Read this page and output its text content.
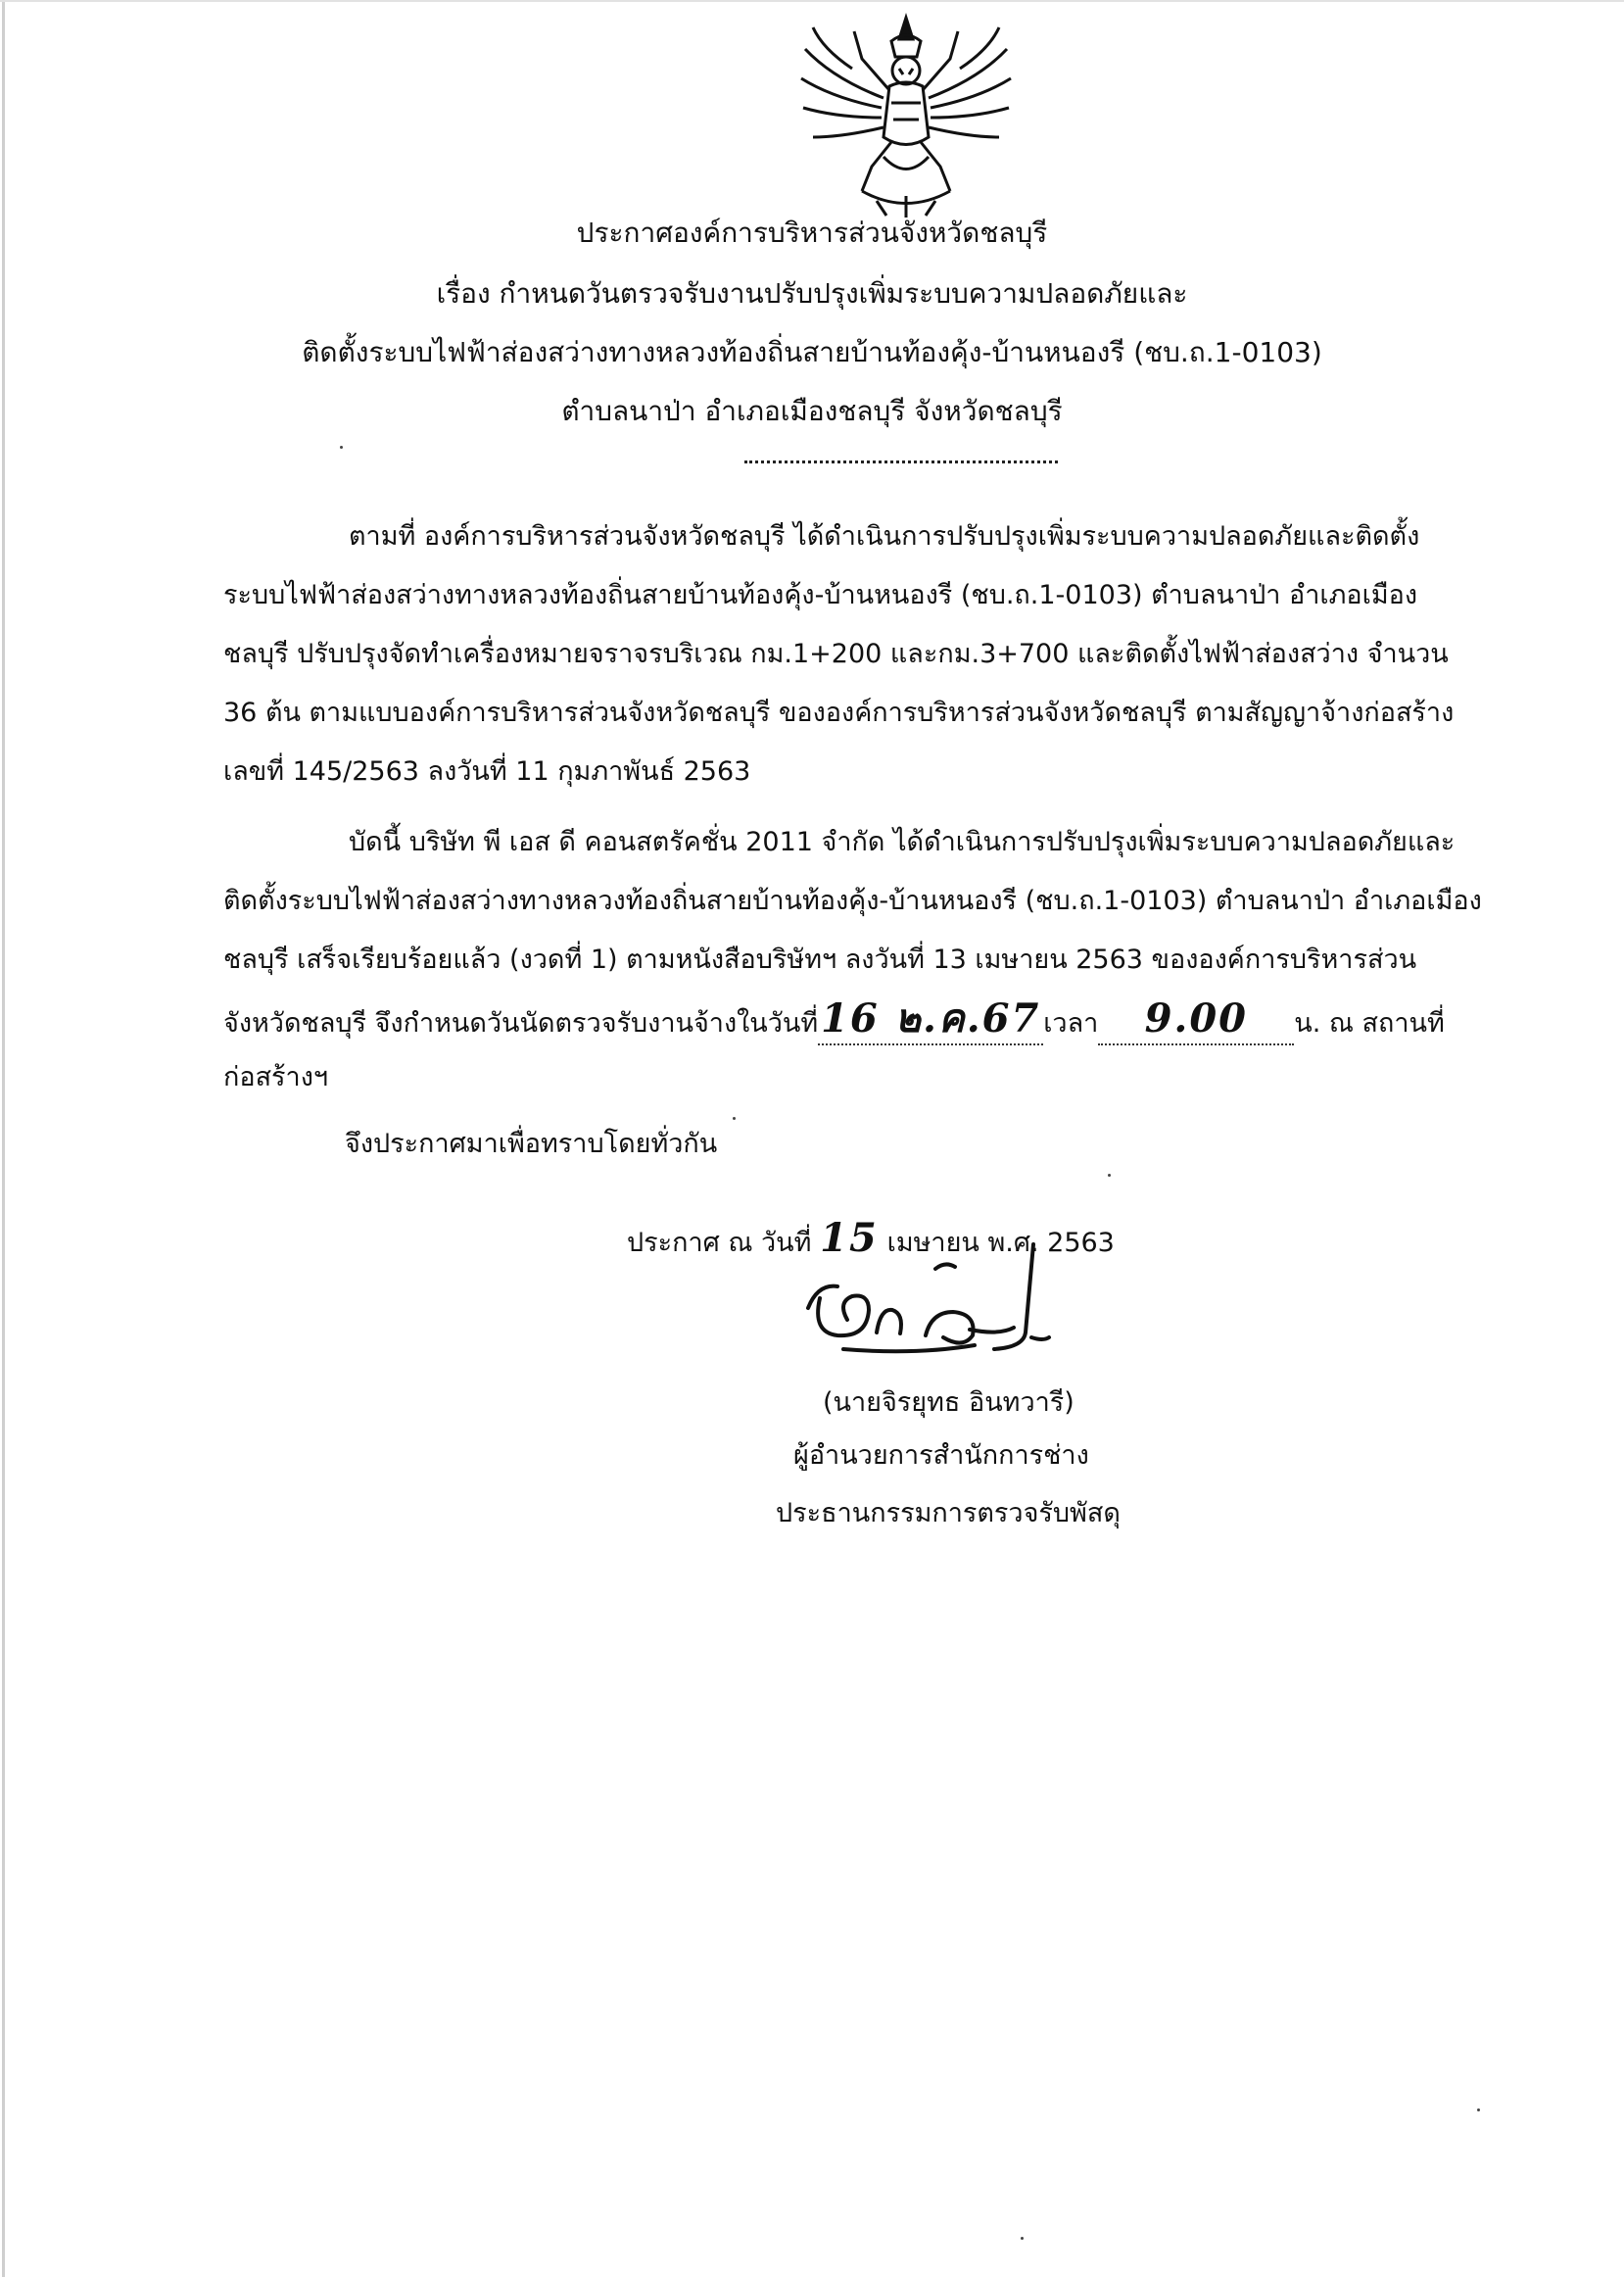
ประกาศองค์การบริหารส่วนจังหวัดชลบุรี
เรื่อง กำหนดวันตรวจรับงานปรับปรุงเพิ่มระบบความปลอดภัยและ
ติดตั้งระบบไฟฟ้าส่องสว่างทางหลวงท้องถิ่นสายบ้านท้องคุ้ง-บ้านหนองรี (ชบ.ถ.1-0103)
ตำบลนาป่า อำเภอเมืองชลบุรี จังหวัดชลบุรี
ตามที่ องค์การบริหารส่วนจังหวัดชลบุรี ได้ดำเนินการปรับปรุงเพิ่มระบบความปลอดภัยและติดตั้ง
ระบบไฟฟ้าส่องสว่างทางหลวงท้องถิ่นสายบ้านท้องคุ้ง-บ้านหนองรี (ชบ.ถ.1-0103) ตำบลนาป่า อำเภอเมือง
ชลบุรี ปรับปรุงจัดทำเครื่องหมายจราจรบริเวณ กม.1+200 และกม.3+700 และติดตั้งไฟฟ้าส่องสว่าง จำนวน
36 ต้น ตามแบบองค์การบริหารส่วนจังหวัดชลบุรี ขององค์การบริหารส่วนจังหวัดชลบุรี ตามสัญญาจ้างก่อสร้าง
เลขที่ 145/2563 ลงวันที่ 11 กุมภาพันธ์ 2563
บัดนี้ บริษัท พี เอส ดี คอนสตรัคชั่น 2011 จำกัด ได้ดำเนินการปรับปรุงเพิ่มระบบความปลอดภัยและ
ติดตั้งระบบไฟฟ้าส่องสว่างทางหลวงท้องถิ่นสายบ้านท้องคุ้ง-บ้านหนองรี (ชบ.ถ.1-0103) ตำบลนาป่า อำเภอเมือง
ชลบุรี เสร็จเรียบร้อยแล้ว (งวดที่ 1) ตามหนังสือบริษัทฯ ลงวันที่ 13 เมษายน 2563 ขององค์การบริหารส่วน
จังหวัดชลบุรี จึงกำหนดวันนัดตรวจรับงานจ้างในวันที่16 ๒.ค.67 เวลา 9.00 น. ณ สถานที่
ก่อสร้างฯ
จึงประกาศมาเพื่อทราบโดยทั่วกัน
ประกาศ ณ วันที่ 15 เมษายน พ.ศ. 2563
(นายจิรยุทธ อินทวารี)
ผู้อำนวยการสำนักการช่าง
ประธานกรรมการตรวจรับพัสดุ
